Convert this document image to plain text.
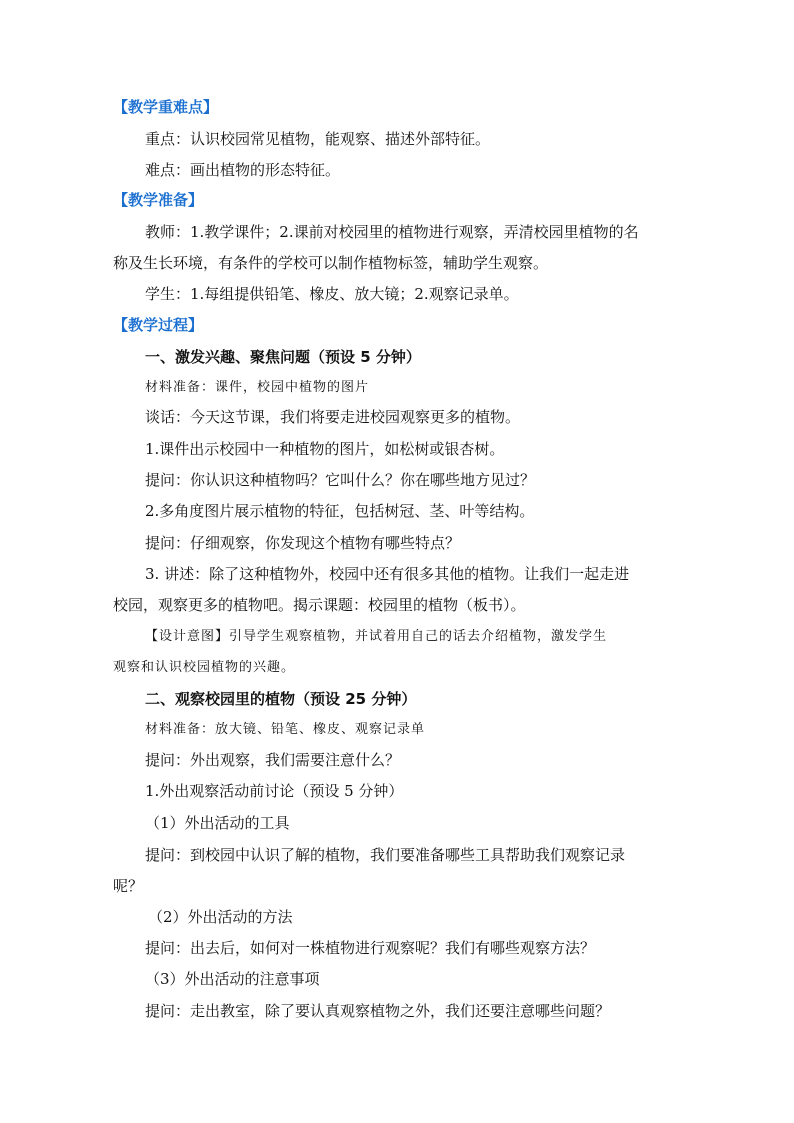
【教学重难点】
重点：认识校园常见植物，能观察、描述外部特征。
难点：画出植物的形态特征。
【教学准备】
教师：1.教学课件；2.课前对校园里的植物进行观察，弄清校园里植物的名
称及生长环境，有条件的学校可以制作植物标签，辅助学生观察。
学生：1.每组提供铅笔、橡皮、放大镜；2.观察记录单。
【教学过程】
一、激发兴趣、聚焦问题（预设 5 分钟）
材料准备：课件，校园中植物的图片
谈话：今天这节课，我们将要走进校园观察更多的植物。
1.课件出示校园中一种植物的图片，如松树或银杏树。
提问：你认识这种植物吗？它叫什么？你在哪些地方见过？
2.多角度图片展示植物的特征，包括树冠、茎、叶等结构。
提问：仔细观察，你发现这个植物有哪些特点？
3. 讲述：除了这种植物外，校园中还有很多其他的植物。让我们一起走进
校园，观察更多的植物吧。揭示课题：校园里的植物（板书）。
【设计意图】引导学生观察植物，并试着用自己的话去介绍植物，激发学生
观察和认识校园植物的兴趣。
二、观察校园里的植物（预设 25 分钟）
材料准备：放大镜、铅笔、橡皮、观察记录单
提问：外出观察，我们需要注意什么？
1.外出观察活动前讨论（预设 5 分钟）
（1）外出活动的工具
提问：到校园中认识了解的植物，我们要准备哪些工具帮助我们观察记录
呢？
（2）外出活动的方法
提问：出去后，如何对一株植物进行观察呢？我们有哪些观察方法？
（3）外出活动的注意事项
提问：走出教室，除了要认真观察植物之外，我们还要注意哪些问题？
